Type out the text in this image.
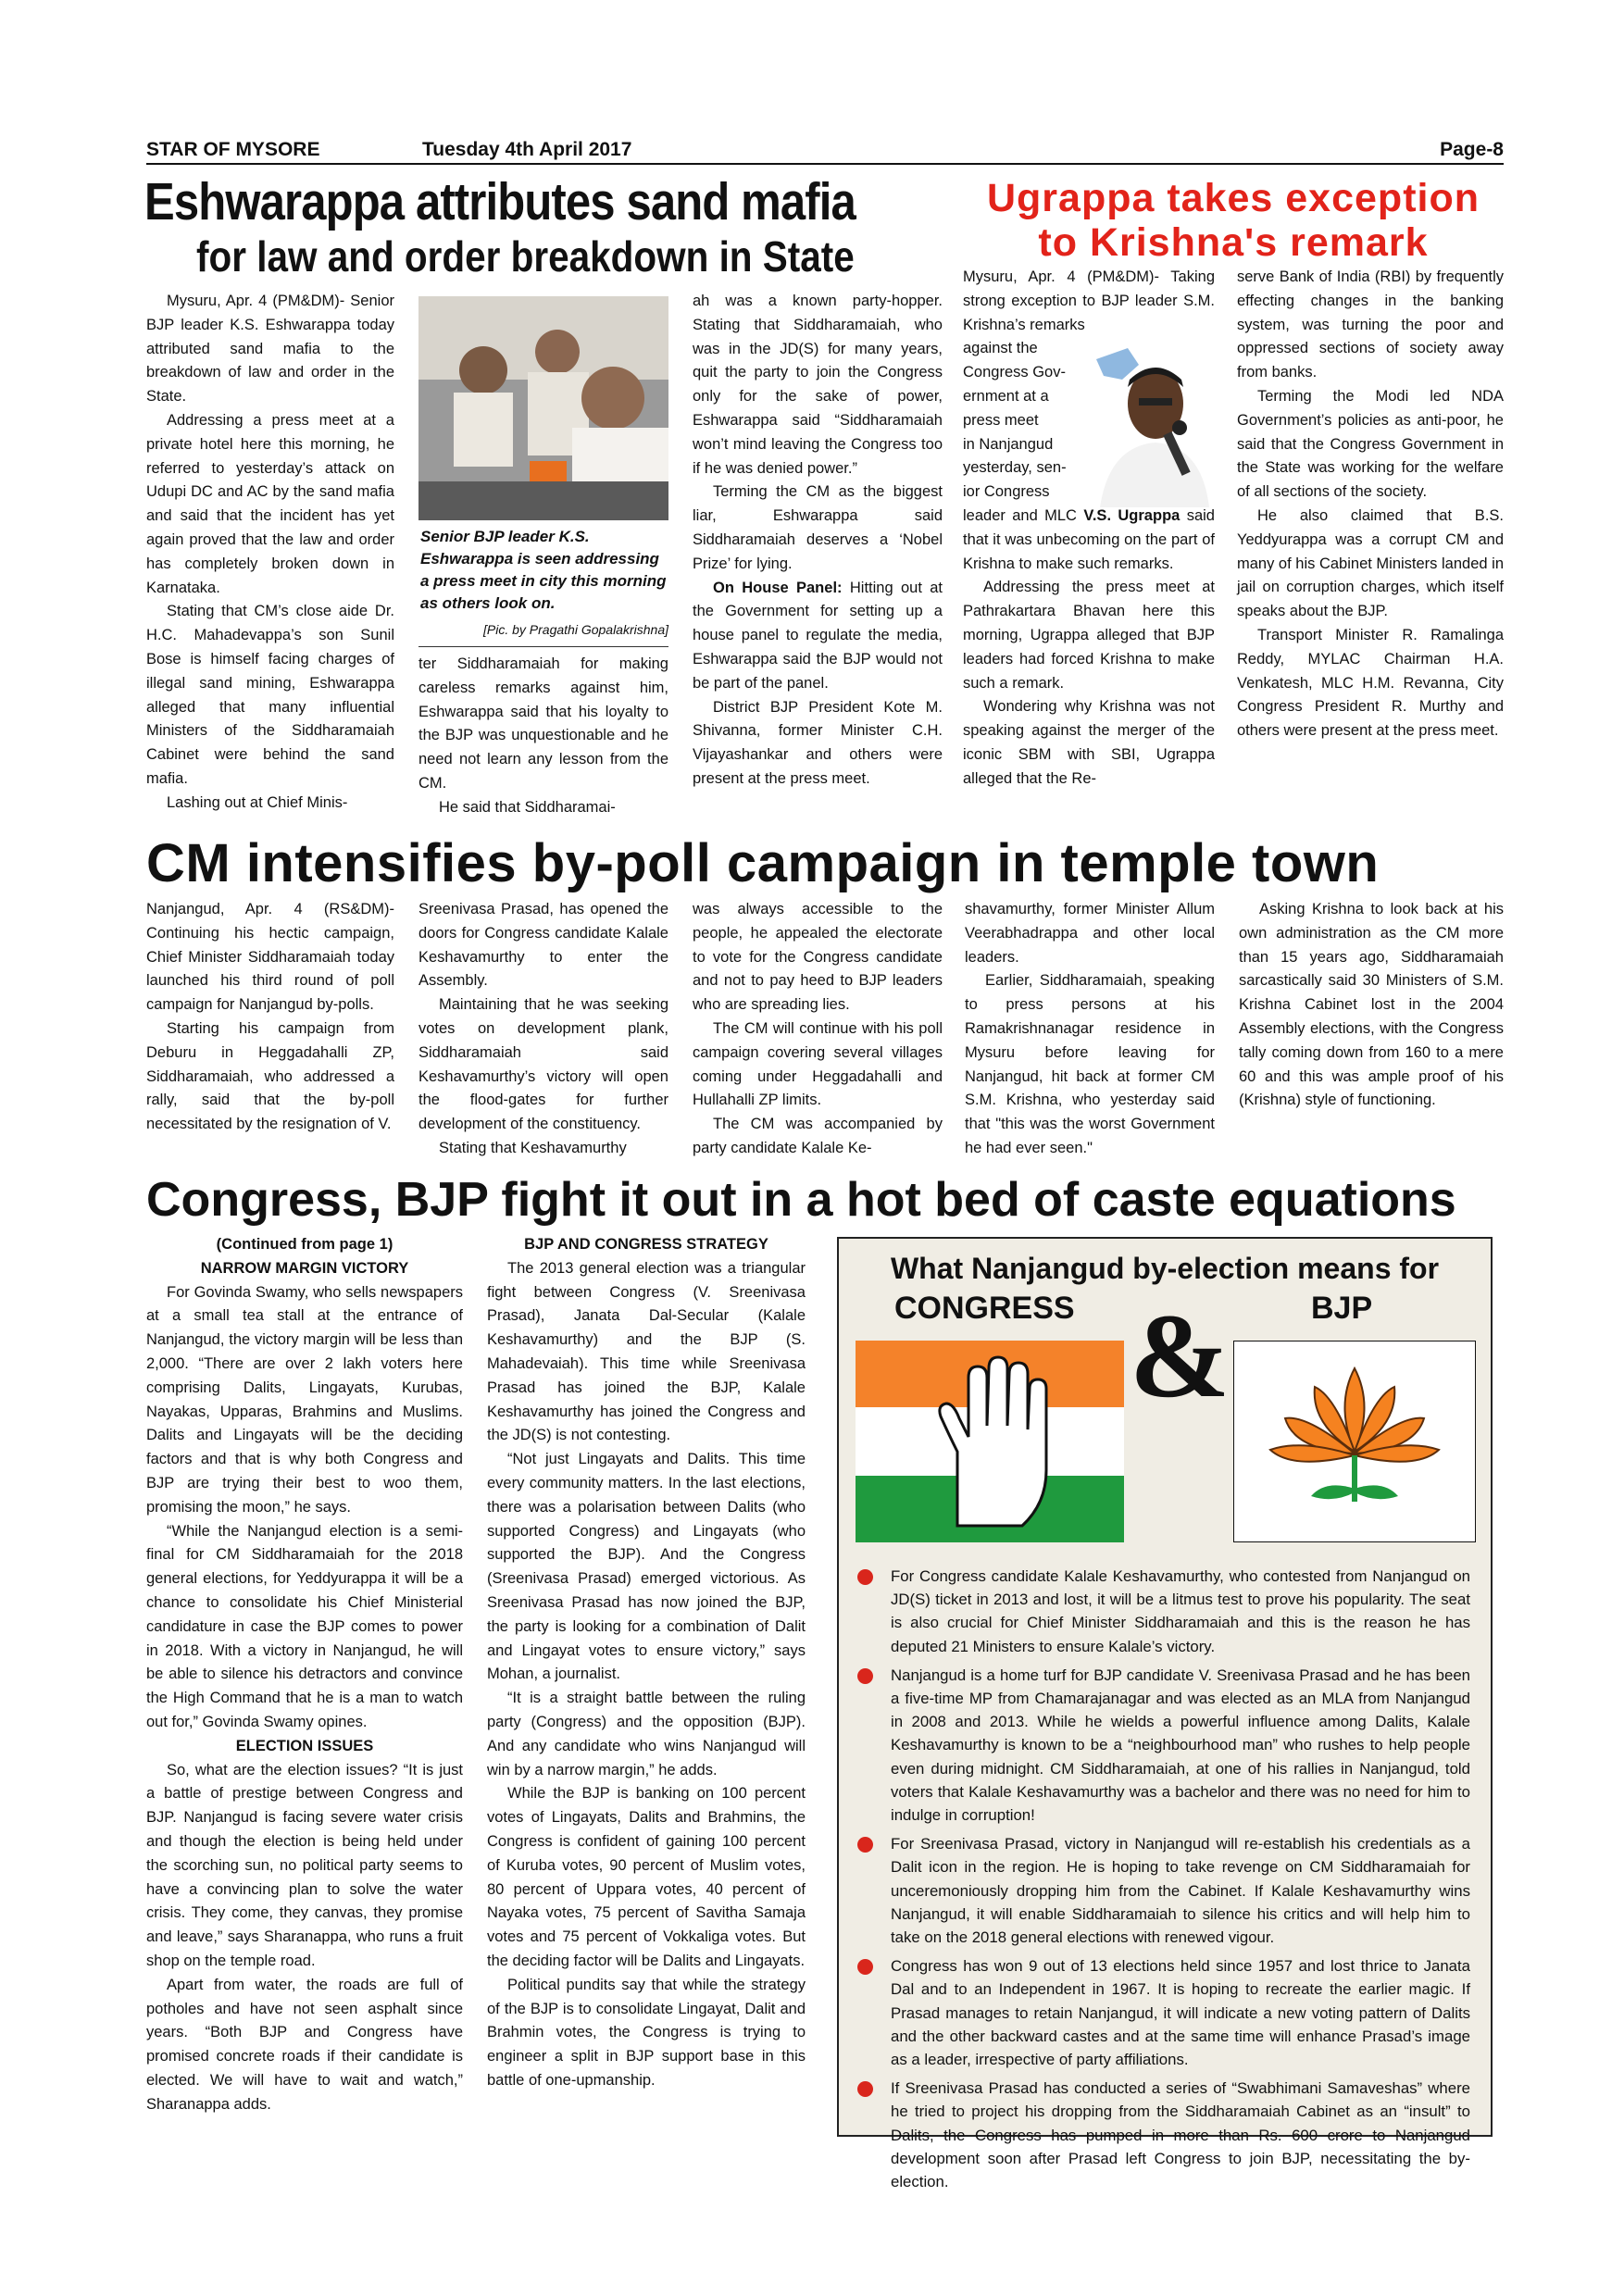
STAR OF MYSORE	Tuesday 4th April 2017	Page-8
Eshwarappa attributes sand mafia
for law and order breakdown in State

Mysuru, Apr. 4 (PM&DM)- Senior BJP leader K.S. Eshwarappa today attributed sand mafia to the breakdown of law and order in the State.

Addressing a press meet at a private hotel here this morning, he referred to yesterday’s attack on Udupi DC and AC by the sand mafia and said that the incident has yet again proved that the law and order has completely broken down in Karnataka.

Stating that CM’s close aide Dr. H.C. Mahadevappa’s son Sunil Bose is himself facing charges of illegal sand mining, Eshwarappa alleged that many influential Ministers of the Siddharamaiah Cabinet were behind the sand mafia.

Lashing out at Chief Minis-

Senior BJP leader K.S. Eshwarappa is seen addressing a press meet in city this morning as others look on.
[Pic. by Pragathi Gopalakrishna]

ter Siddharamaiah for making careless remarks against him, Eshwarappa said that his loyalty to the BJP was unquestionable and he need not learn any lesson from the CM.

He said that Siddharamai-

ah was a known party-hopper. Stating that Siddharamaiah, who was in the JD(S) for many years, quit the party to join the Congress only for the sake of power, Eshwarappa said “Siddharamaiah won’t mind leaving the Congress too if he was denied power.”

Terming the CM as the biggest liar, Eshwarappa said Siddharamaiah deserves a ‘Nobel Prize’ for lying.

On House Panel: Hitting out at the Government for setting up a house panel to regulate the media, Eshwarappa said the BJP would not be part of the panel.

District BJP President Kote M. Shivanna, former Minister C.H. Vijayashankar and others were present at the press meet.

Ugrappa takes exception
to Krishna's remark

Mysuru, Apr. 4 (PM&DM)- Taking strong exception to BJP leader S.M. Krishna’s remarks

against the
Congress Gov-
ernment at a
press meet
in Nanjangud
yesterday, sen-
ior Congress

leader and MLC V.S. Ugrappa said that it was unbecoming on the part of Krishna to make such remarks.

Addressing the press meet at Pathrakartara Bhavan here this morning, Ugrappa alleged that BJP leaders had forced Krishna to make such a remark.

Wondering why Krishna was not speaking against the merger of the iconic SBM with SBI, Ugrappa alleged that the Re-

serve Bank of India (RBI) by frequently effecting changes in the banking system, was turning the poor and oppressed sections of society away from banks.

Terming the Modi led NDA Government’s policies as anti-poor, he said that the Congress Government in the State was working for the welfare of all sections of the society.

He also claimed that B.S. Yeddyurappa was a corrupt CM and many of his Cabinet Ministers landed in jail on corruption charges, which itself speaks about the BJP.

Transport Minister R. Ramalinga Reddy, MYLAC Chairman H.A. Venkatesh, MLC H.M. Revanna, City Congress President R. Murthy and others were present at the press meet.

CM intensifies by-poll campaign in temple town

Nanjangud, Apr. 4 (RS&DM)- Continuing his hectic campaign, Chief Minister Siddharamaiah today launched his third round of poll campaign for Nanjangud by-polls.

Starting his campaign from Deburu in Heggadahalli ZP, Siddharamaiah, who addressed a rally, said that the by-poll necessitated by the resignation of V.

Sreenivasa Prasad, has opened the doors for Congress candidate Kalale Keshavamurthy to enter the Assembly.

Maintaining that he was seeking votes on development plank, Siddharamaiah said Keshavamurthy’s victory will open the flood-gates for further development of the constituency.

Stating that Keshavamurthy

was always accessible to the people, he appealed the electorate to vote for the Congress candidate and not to pay heed to BJP leaders who are spreading lies.

The CM will continue with his poll campaign covering several villages coming under Heggadahalli and Hullahalli ZP limits.

The CM was accompanied by party candidate Kalale Ke-

shavamurthy, former Minister Allum Veerabhadrappa and other local leaders.

Earlier, Siddharamaiah, speaking to press persons at his Ramakrishnanagar residence in Mysuru before leaving for Nanjangud, hit back at former CM S.M. Krishna, who yesterday said that "this was the worst Government he had ever seen."

Asking Krishna to look back at his own administration as the CM more than 15 years ago, Siddharamaiah sarcastically said 30 Ministers of S.M. Krishna Cabinet lost in the 2004 Assembly elections, with the Congress tally coming down from 160 to a mere 60 and this was ample proof of his (Krishna) style of functioning.

Congress, BJP fight it out in a hot bed of caste equations
(Continued from page 1)
NARROW MARGIN VICTORY

For Govinda Swamy, who sells newspapers at a small tea stall at the entrance of Nanjangud, the victory margin will be less than 2,000. “There are over 2 lakh voters here comprising Dalits, Lingayats, Kurubas, Nayakas, Upparas, Brahmins and Muslims. Dalits and Lingayats will be the deciding factors and that is why both Congress and BJP are trying their best to woo them, promising the moon,” he says.

“While the Nanjangud election is a semi-final for CM Siddharamaiah for the 2018 general elections, for Yeddyurappa it will be a chance to consolidate his Chief Ministerial candidature in case the BJP comes to power in 2018. With a victory in Nanjangud, he will be able to silence his detractors and convince the High Command that he is a man to watch out for,” Govinda Swamy opines.

ELECTION ISSUES

So, what are the election issues? “It is just a battle of prestige between Congress and BJP. Nanjangud is facing severe water crisis and though the election is being held under the scorching sun, no political party seems to have a convincing plan to solve the water crisis. They come, they canvas, they promise and leave,” says Sharanappa, who runs a fruit shop on the temple road.

Apart from water, the roads are full of potholes and have not seen asphalt since years. “Both BJP and Congress have promised concrete roads if their candidate is elected. We will have to wait and watch,” Sharanappa adds.

BJP AND CONGRESS STRATEGY

The 2013 general election was a triangular fight between Congress (V. Sreenivasa Prasad), Janata Dal-Secular (Kalale Keshavamurthy) and the BJP (S. Mahadevaiah). This time while Sreenivasa Prasad has joined the BJP, Kalale Keshavamurthy has joined the Congress and the JD(S) is not contesting.

“Not just Lingayats and Dalits. This time every community matters. In the last elections, there was a polarisation between Dalits (who supported Congress) and Lingayats (who supported the BJP). And the Congress (Sreenivasa Prasad) emerged victorious. As Sreenivasa Prasad has now joined the BJP, the party is looking for a combination of Dalit and Lingayat votes to ensure victory,” says Mohan, a journalist.

“It is a straight battle between the ruling party (Congress) and the opposition (BJP). And any candidate who wins Nanjangud will win by a narrow margin,” he adds.

While the BJP is banking on 100 percent votes of Lingayats, Dalits and Brahmins, the Congress is confident of gaining 100 percent of Kuruba votes, 90 percent of Muslim votes, 80 percent of Uppara votes, 40 percent of Nayaka votes, 75 percent of Savitha Samaja votes and 75 percent of Vokkaliga votes. But the deciding factor will be Dalits and Lingayats.

Political pundits say that while the strategy of the BJP is to consolidate Lingayat, Dalit and Brahmin votes, the Congress is trying to engineer a split in BJP support base in this battle of one-upmanship.

What Nanjangud by-election means for
CONGRESS	BJP
&
For Congress candidate Kalale Keshavamurthy, who contested from Nanjangud on JD(S) ticket in 2013 and lost, it will be a litmus test to prove his popularity. The seat is also crucial for Chief Minister Siddharamaiah and this is the reason he has deputed 21 Ministers to ensure Kalale’s victory.
Nanjangud is a home turf for BJP candidate V. Sreenivasa Prasad and he has been a five-time MP from Chamarajanagar and was elected as an MLA from Nanjangud in 2008 and 2013. While he wields a powerful influence among Dalits, Kalale Keshavamurthy is known to be a “neighbourhood man” who rushes to help people even during midnight. CM Siddharamaiah, at one of his rallies in Nanjangud, told voters that Kalale Keshavamurthy was a bachelor and there was no need for him to indulge in corruption!
For Sreenivasa Prasad, victory in Nanjangud will re-establish his credentials as a Dalit icon in the region. He is hoping to take revenge on CM Siddharamaiah for unceremoniously dropping him from the Cabinet. If Kalale Keshavamurthy wins Nanjangud, it will enable Siddharamaiah to silence his critics and will help him to take on the 2018 general elections with renewed vigour.
Congress has won 9 out of 13 elections held since 1957 and lost thrice to Janata Dal and to an Independent in 1967. It is hoping to recreate the earlier magic. If Prasad manages to retain Nanjangud, it will indicate a new voting pattern of Dalits and the other backward castes and at the same time will enhance Prasad’s image as a leader, irrespective of party affiliations.
If Sreenivasa Prasad has conducted a series of “Swabhimani Samaveshas” where he tried to project his dropping from the Siddharamaiah Cabinet as an “insult” to Dalits, the Congress has pumped in more than Rs. 600 crore to Nanjangud development soon after Prasad left Congress to join BJP, necessitating the by-election.
